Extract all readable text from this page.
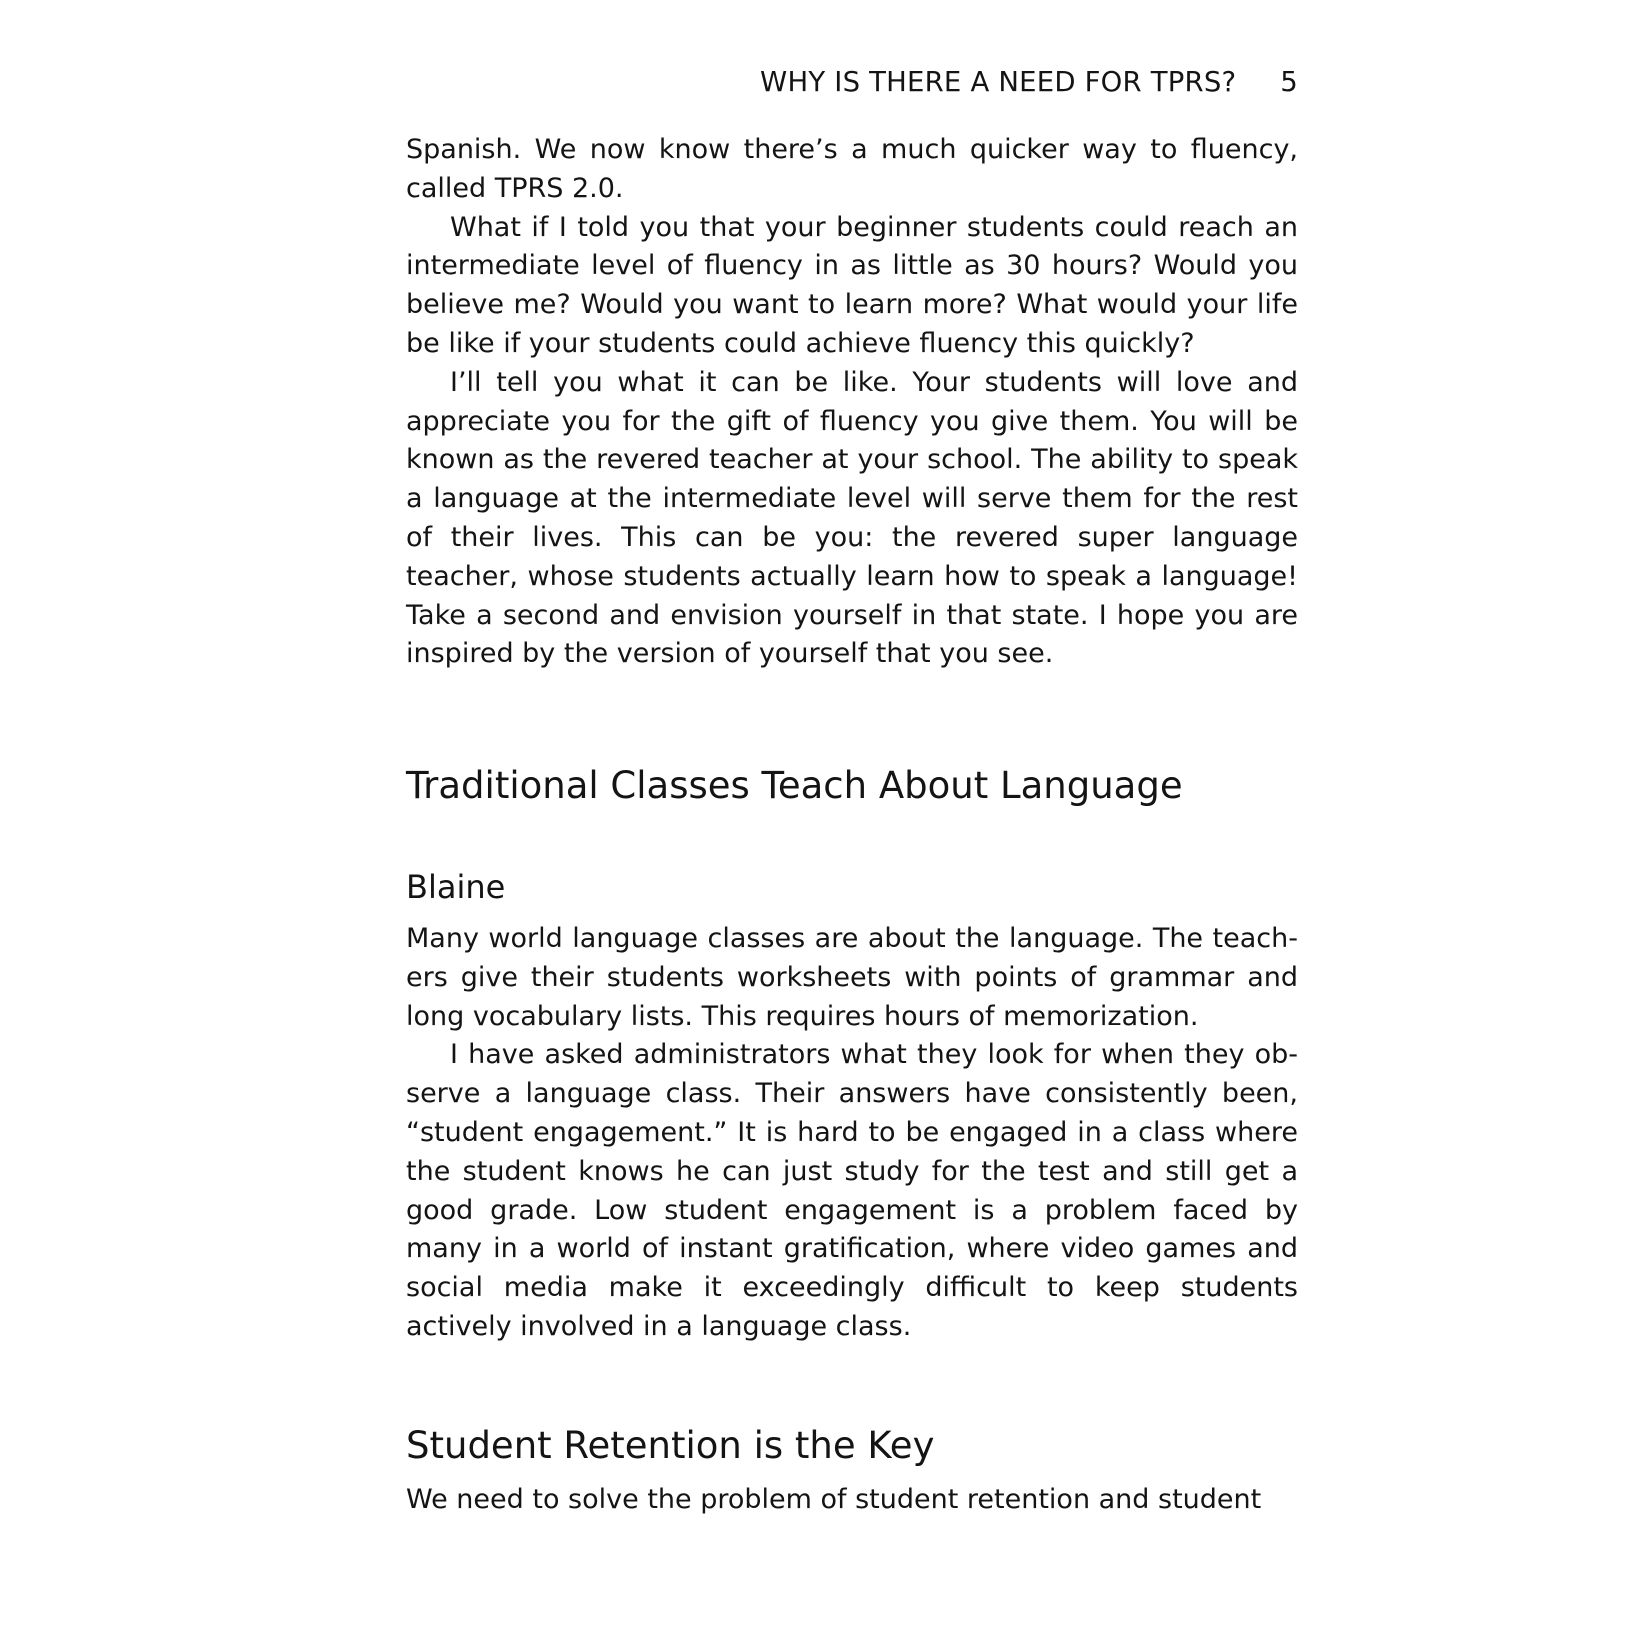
WHY IS THERE A NEED FOR TPRS? 5

Spanish. We now know there’s a much quicker way to fluency, called TPRS 2.0.

What if I told you that your beginner students could reach an intermediate level of fluency in as little as 30 hours? Would you believe me? Would you want to learn more? What would your life be like if your students could achieve fluency this quickly?

I’ll tell you what it can be like. Your students will love and appreciate you for the gift of fluency you give them. You will be known as the revered teacher at your school. The ability to speak a language at the intermediate level will serve them for the rest of their lives. This can be you: the revered super language teacher, whose students actually learn how to speak a language! Take a second and envision yourself in that state. I hope you are inspired by the version of yourself that you see.

Traditional Classes Teach About Language
Blaine

Many world language classes are about the language. The teachers give their students worksheets with points of grammar and long vocabulary lists. This requires hours of memorization.

I have asked administrators what they look for when they observe a language class. Their answers have consistently been, “student engagement.” It is hard to be engaged in a class where the student knows he can just study for the test and still get a good grade. Low student engagement is a problem faced by many in a world of instant gratification, where video games and social media make it exceedingly difficult to keep students actively involved in a language class.

Student Retention is the Key

We need to solve the problem of student retention and student
